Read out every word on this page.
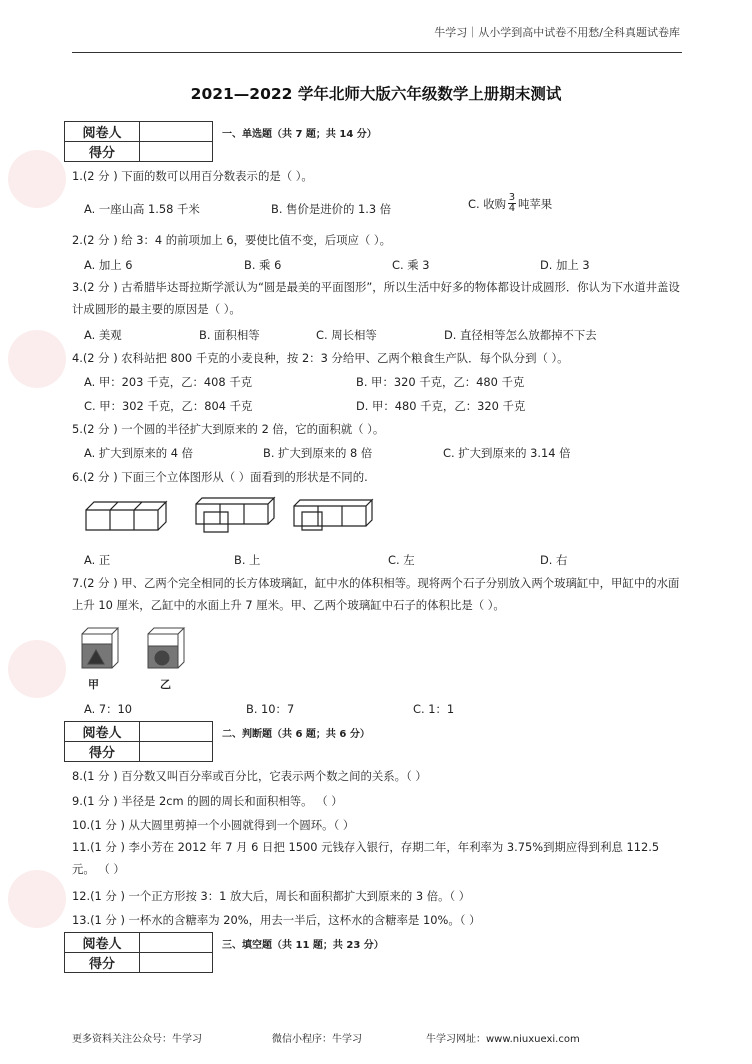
牛学习｜从小学到高中试卷不用愁/全科真题试卷库
2021—2022 学年北师大版六年级数学上册期末测试
阅卷人	
得分	
一、单选题（共 7 题；共 14 分）
1.(2 分 ) 下面的数可以用百分数表示的是（ ）。
A. 一座山高 1.58 千米	B. 售价是进价的 1.3 倍	C. 收购 $\frac{3}{4}$ 吨苹果
2.(2 分 ) 给 3：4 的前项加上 6，要使比值不变，后项应（ ）。
A. 加上 6	B. 乘 6	C. 乘 3	D. 加上 3
3.(2 分 ) 古希腊毕达哥拉斯学派认为“圆是最美的平面图形”，所以生活中好多的物体都设计成圆形．你认为下水道井盖设计成圆形的最主要的原因是（ ）。
A. 美观	B. 面积相等	C. 周长相等	D. 直径相等怎么放都掉不下去
4.(2 分 ) 农科站把 800 千克的小麦良种，按 2：3 分给甲、乙两个粮食生产队．每个队分到（ ）。
A. 甲：203 千克，乙：408 千克	B. 甲：320 千克，乙：480 千克
C. 甲：302 千克，乙：804 千克	D. 甲：480 千克，乙：320 千克
5.(2 分 ) 一个圆的半径扩大到原来的 2 倍，它的面积就（ ）。
A. 扩大到原来的 4 倍	B. 扩大到原来的 8 倍	C. 扩大到原来的 3.14 倍
6.(2 分 ) 下面三个立体图形从（ ）面看到的形状是不同的.
A. 正	B. 上	C. 左	D. 右
7.(2 分 ) 甲、乙两个完全相同的长方体玻璃缸，缸中水的体积相等。现将两个石子分别放入两个玻璃缸中，甲缸中的水面上升 10 厘米，乙缸中的水面上升 7 厘米。甲、乙两个玻璃缸中石子的体积比是（ ）。
甲	乙
A. 7：10	B. 10：7	C. 1：1
阅卷人	
得分	
二、判断题（共 6 题；共 6 分）
8.(1 分 ) 百分数又叫百分率或百分比，它表示两个数之间的关系。（ ）
9.(1 分 ) 半径是 2cm 的圆的周长和面积相等。 （ ）
10.(1 分 ) 从大圆里剪掉一个小圆就得到一个圆环。（ ）
11.(1 分 ) 李小芳在 2012 年 7 月 6 日把 1500 元钱存入银行，存期二年，年利率为 3.75%到期应得到利息 112.5 元。 （ ）
12.(1 分 ) 一个正方形按 3：1 放大后，周长和面积都扩大到原来的 3 倍。（ ）
13.(1 分 ) 一杯水的含糖率为 20%，用去一半后，这杯水的含糖率是 10%。（ ）
阅卷人	
得分	
三、填空题（共 11 题；共 23 分）
更多资料关注公众号：牛学习	微信小程序：牛学习	牛学习网址：www.niuxuexi.com
